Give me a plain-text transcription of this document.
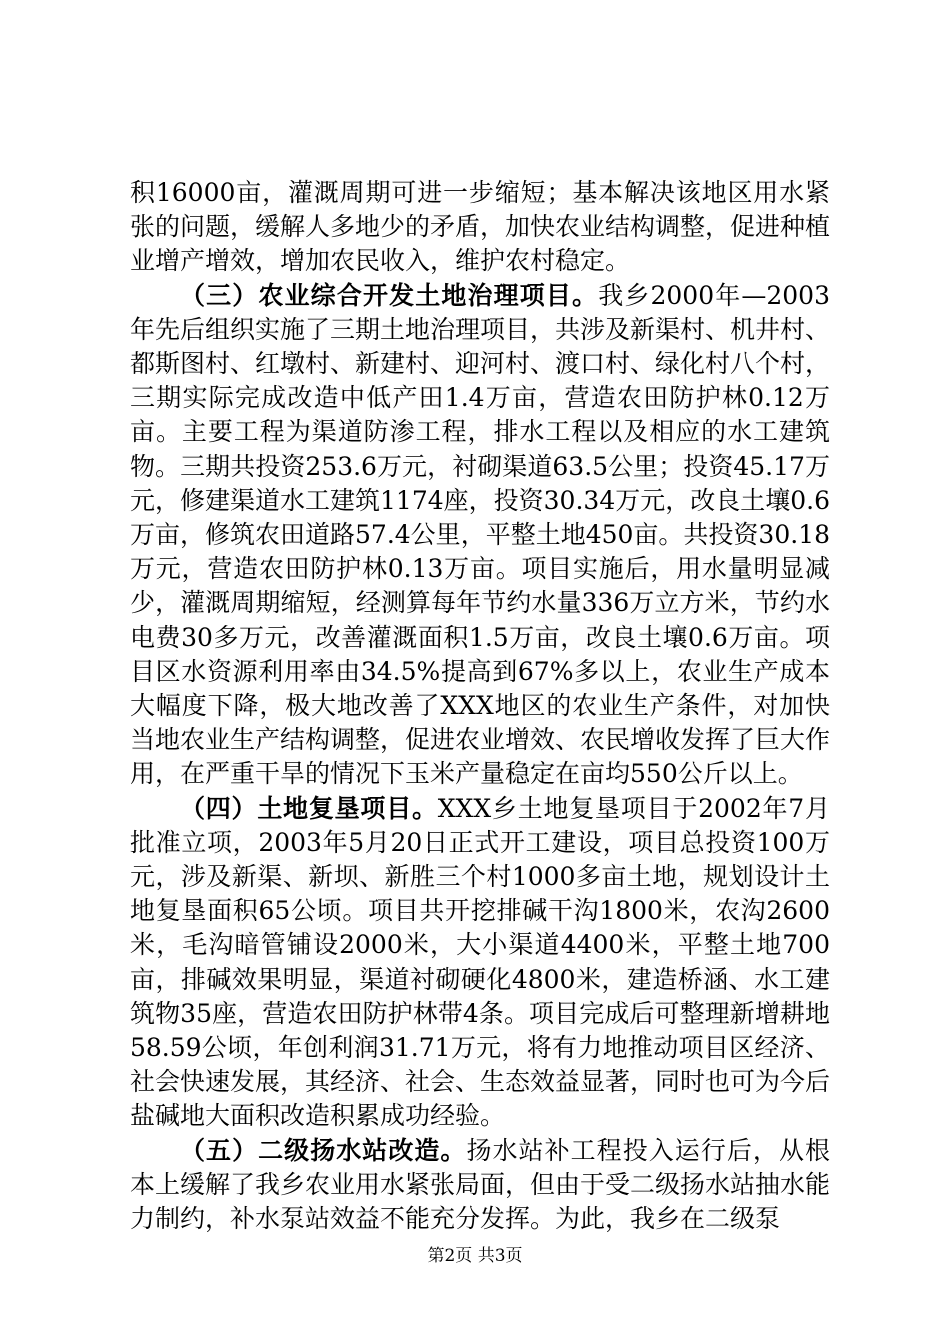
积16000亩，灌溉周期可进一步缩短；基本解决该地区用水紧张的问题，缓解人多地少的矛盾，加快农业结构调整，促进种植业增产增效，增加农民收入，维护农村稳定。

（三）农业综合开发土地治理项目。我乡2000年—2003年先后组织实施了三期土地治理项目，共涉及新渠村、机井村、都斯图村、红墩村、新建村、迎河村、渡口村、绿化村八个村，三期实际完成改造中低产田1.4万亩，营造农田防护林0.12万亩。主要工程为渠道防渗工程，排水工程以及相应的水工建筑物。三期共投资253.6万元，衬砌渠道63.5公里；投资45.17万元，修建渠道水工建筑1174座，投资30.34万元，改良土壤0.6万亩，修筑农田道路57.4公里，平整土地450亩。共投资30.18万元，营造农田防护林0.13万亩。项目实施后，用水量明显减少，灌溉周期缩短，经测算每年节约水量336万立方米，节约水电费30多万元，改善灌溉面积1.5万亩，改良土壤0.6万亩。项目区水资源利用率由34.5%提高到67%多以上，农业生产成本大幅度下降，极大地改善了XXX地区的农业生产条件，对加快当地农业生产结构调整，促进农业增效、农民增收发挥了巨大作用，在严重干旱的情况下玉米产量稳定在亩均550公斤以上。

（四）土地复垦项目。XXX乡土地复垦项目于2002年7月批准立项，2003年5月20日正式开工建设，项目总投资100万元，涉及新渠、新坝、新胜三个村1000多亩土地，规划设计土地复垦面积65公顷。项目共开挖排碱干沟1800米，农沟2600米，毛沟暗管铺设2000米，大小渠道4400米，平整土地700亩，排碱效果明显，渠道衬砌硬化4800米，建造桥涵、水工建筑物35座，营造农田防护林带4条。项目完成后可整理新增耕地58.59公顷，年创利润31.71万元，将有力地推动项目区经济、社会快速发展，其经济、社会、生态效益显著，同时也可为今后盐碱地大面积改造积累成功经验。

（五）二级扬水站改造。扬水站补工程投入运行后，从根本上缓解了我乡农业用水紧张局面，但由于受二级扬水站抽水能力制约，补水泵站效益不能充分发挥。为此，我乡在二级泵

第2页 共3页
